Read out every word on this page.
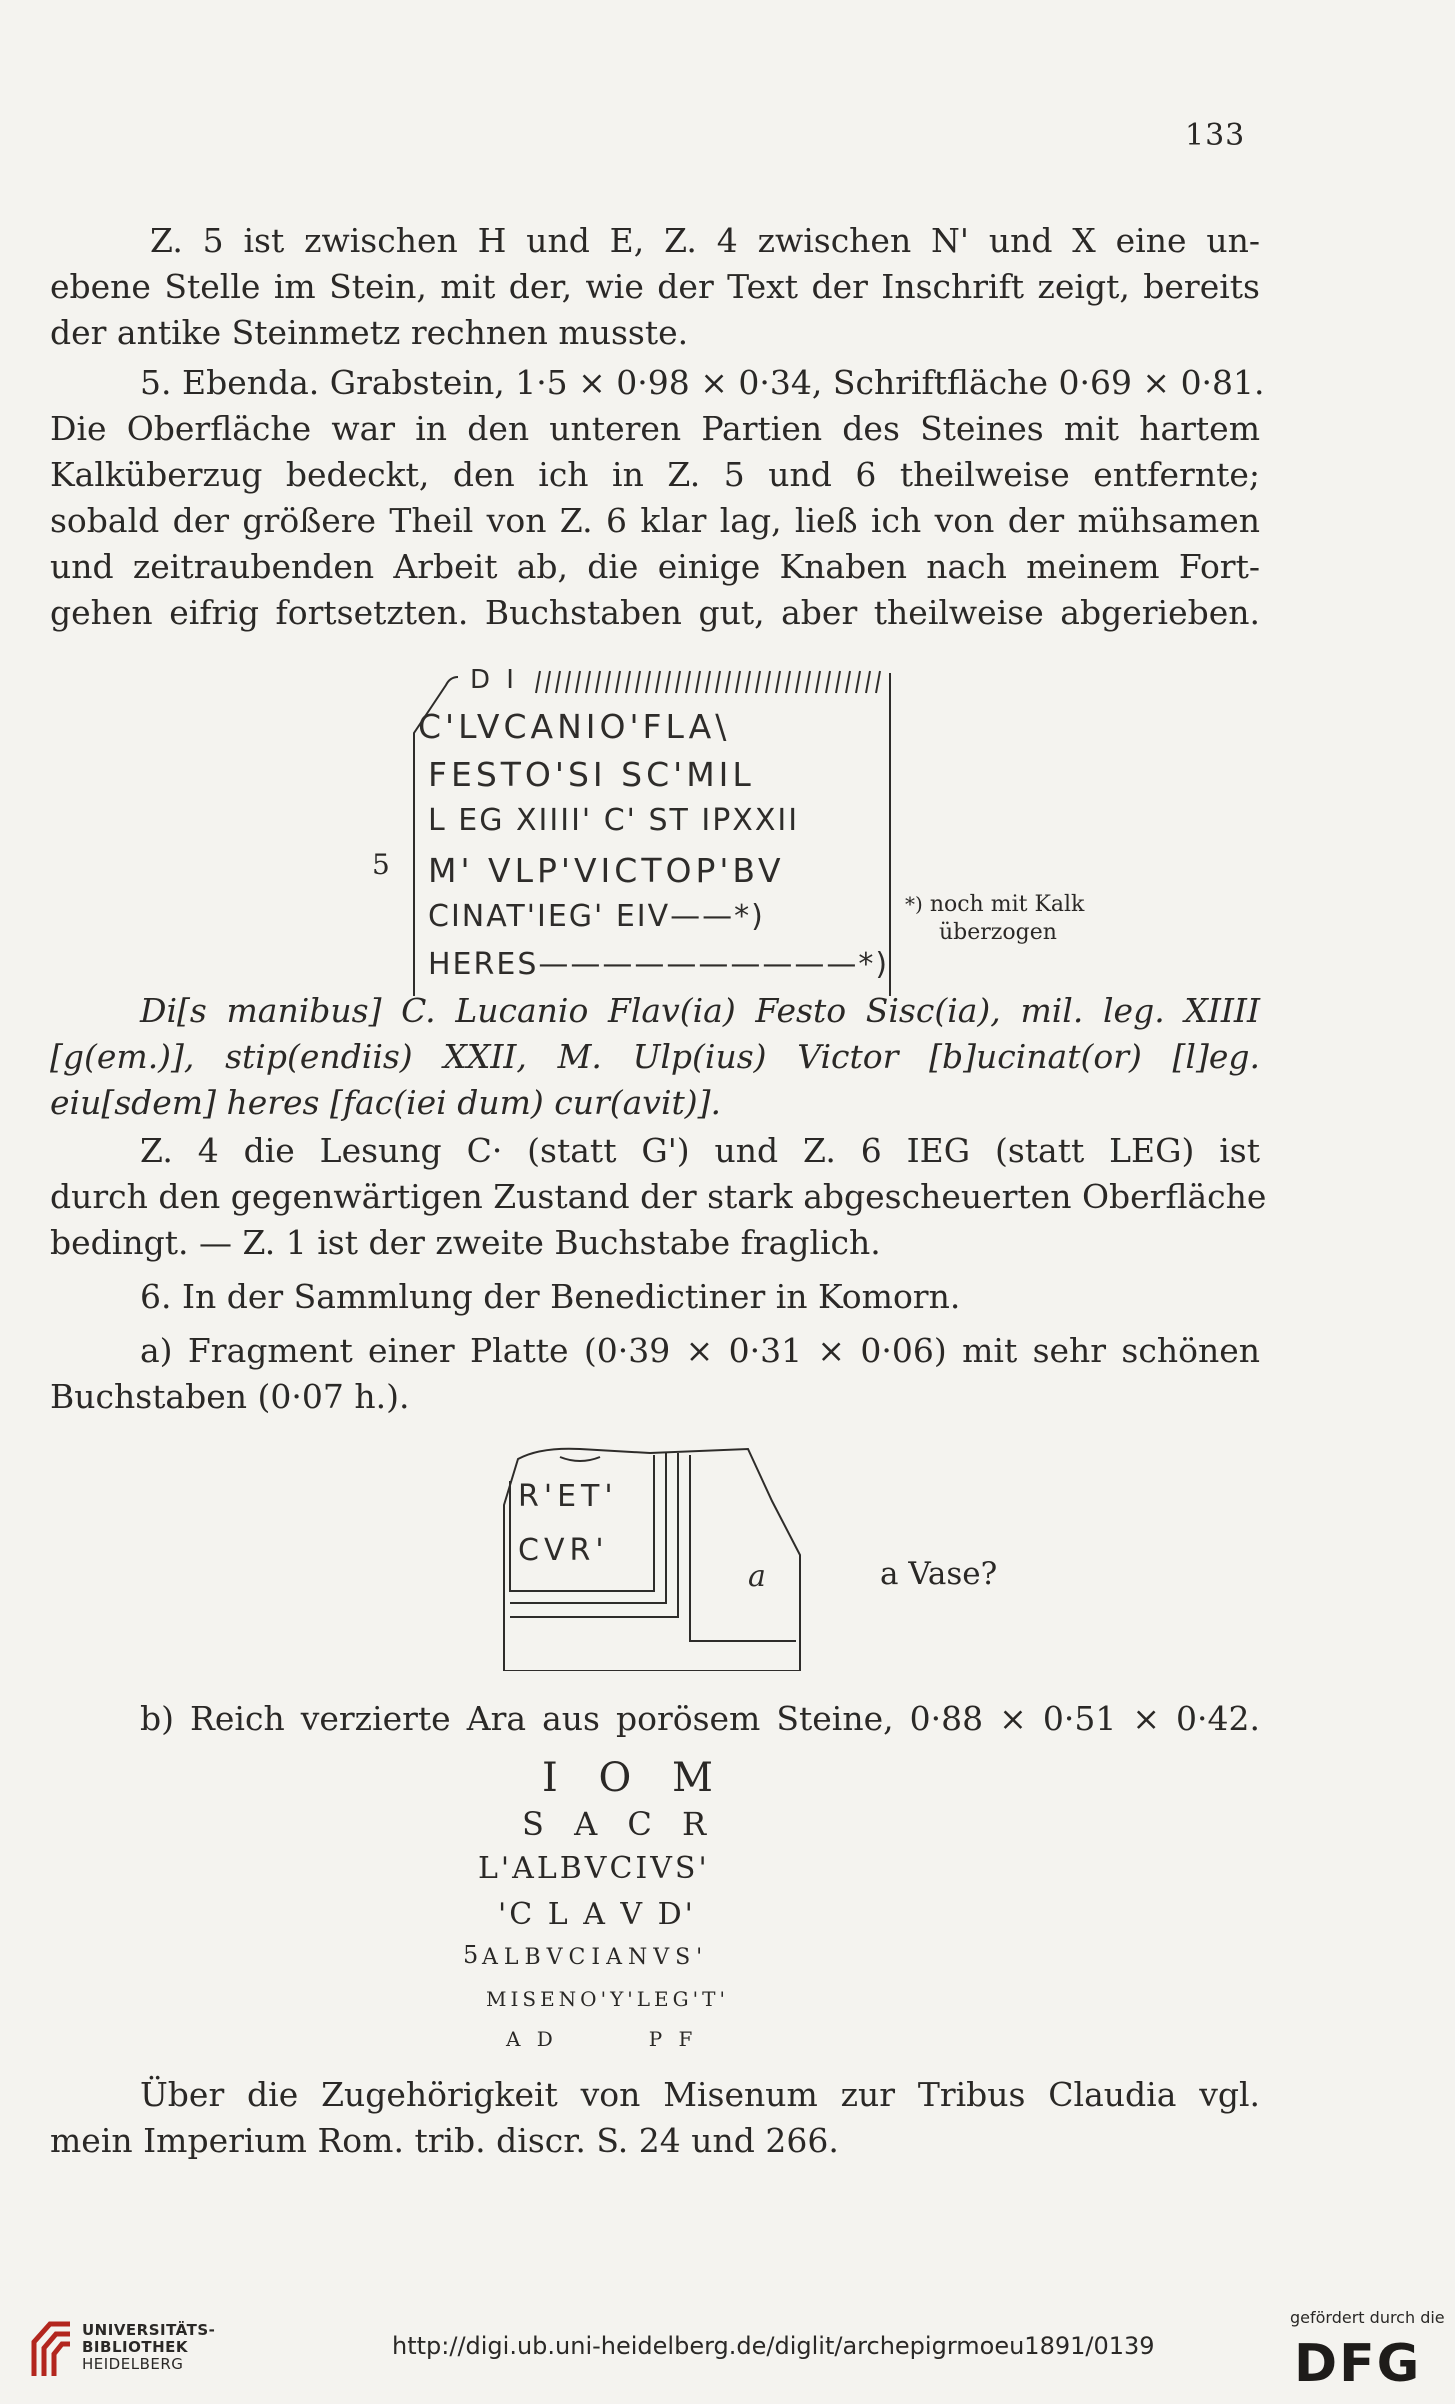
133
Z. 5 ist zwischen H und E, Z. 4 zwischen N' und X eine un-
ebene Stelle im Stein, mit der, wie der Text der Inschrift zeigt, bereits
der antike Steinmetz rechnen musste.
5. Ebenda. Grabstein, 1·5 × 0·98 × 0·34, Schriftfläche 0·69 × 0·81.
Die Oberfläche war in den unteren Partien des Steines mit hartem
Kalküberzug bedeckt, den ich in Z. 5 und 6 theilweise entfernte;
sobald der größere Theil von Z. 6 klar lag, ließ ich von der mühsamen
und zeitraubenden Arbeit ab, die einige Knaben nach meinem Fort-
gehen eifrig fortsetzten. Buchstaben gut, aber theilweise abgerieben.
D I
C'LVCANIO'FLA\
FESTO'SI SC'MIL
L EG XIIII' C' ST IPXXII
M' VLP'VICTOP'BV
CINAT'IEG' EIV——*)
HERES——————————*)
5
*) noch mit Kalk
überzogen
Di[s manibus] C. Lucanio Flav(ia) Festo Sisc(ia), mil. leg. XIIII
[g(em.)], stip(endiis) XXII, M. Ulp(ius) Victor [b]ucinat(or) [l]eg.
eiu[sdem] heres [fac(iei dum) cur(avit)].
Z. 4 die Lesung C· (statt G') und Z. 6 IEG (statt LEG) ist
durch den gegenwärtigen Zustand der stark abgescheuerten Oberfläche
bedingt. — Z. 1 ist der zweite Buchstabe fraglich.
6. In der Sammlung der Benedictiner in Komorn.
a) Fragment einer Platte (0·39 × 0·31 × 0·06) mit sehr schönen
Buchstaben (0·07 h.).
R'ET'
CVR'
a	a Vase?
b) Reich verzierte Ara aus porösem Steine, 0·88 × 0·51 × 0·42.
I O M
S A C R
L'ALBVCIVS'
'C L A V D'
ALBVCIANVS'
MISENO'Y'LEG'T'
A D        P F
5
Über die Zugehörigkeit von Misenum zur Tribus Claudia vgl.
mein Imperium Rom. trib. discr. S. 24 und 266.
UNIVERSITÄTS-
BIBLIOTHEK
HEIDELBERG
http://digi.ub.uni-heidelberg.de/diglit/archepigrmoeu1891/0139
gefördert durch die
DFG
